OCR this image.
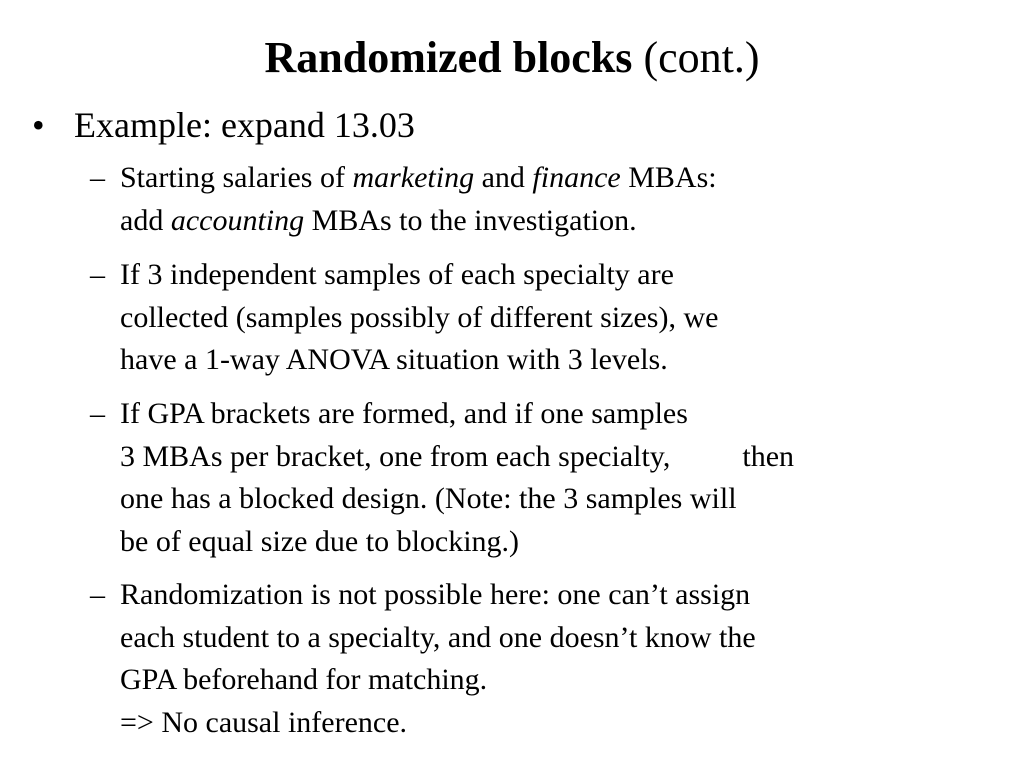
Randomized blocks (cont.)
• Example: expand 13.03
– Starting salaries of marketing and finance MBAs:
add accounting MBAs to the investigation.
– If 3 independent samples of each specialty are
collected (samples possibly of different sizes), we
have a 1-way ANOVA situation with 3 levels.
– If GPA brackets are formed, and if one samples
3 MBAs per bracket, one from each specialty, then
one has a blocked design. (Note: the 3 samples will
be of equal size due to blocking.)
– Randomization is not possible here: one can’t assign
each student to a specialty, and one doesn’t know the
GPA beforehand for matching.
=> No causal inference.
